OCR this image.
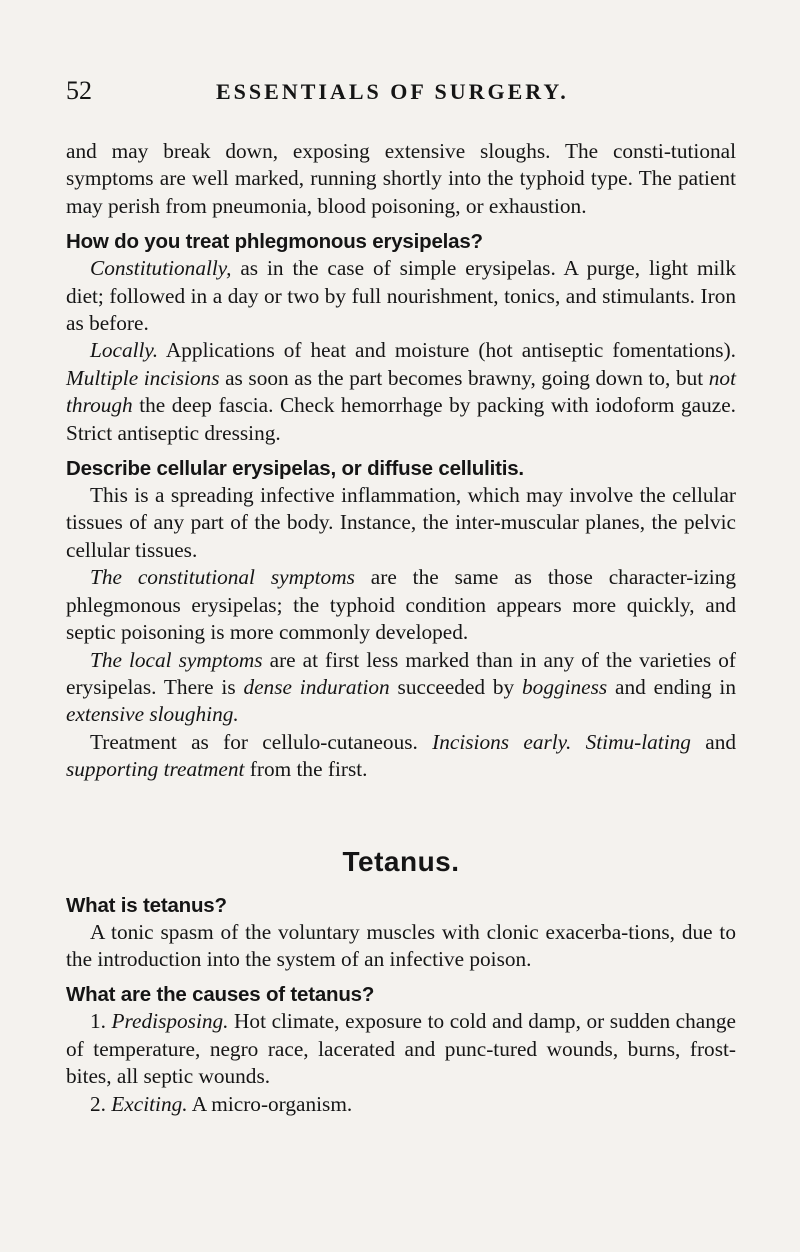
52	ESSENTIALS OF SURGERY.

and may break down, exposing extensive sloughs. The consti-tutional symptoms are well marked, running shortly into the typhoid type. The patient may perish from pneumonia, blood poisoning, or exhaustion.

How do you treat phlegmonous erysipelas?

Constitutionally, as in the case of simple erysipelas. A purge, light milk diet; followed in a day or two by full nourishment, tonics, and stimulants. Iron as before.

Locally. Applications of heat and moisture (hot antiseptic fomentations). Multiple incisions as soon as the part becomes brawny, going down to, but not through the deep fascia. Check hemorrhage by packing with iodoform gauze. Strict antiseptic dressing.

Describe cellular erysipelas, or diffuse cellulitis.

This is a spreading infective inflammation, which may involve the cellular tissues of any part of the body. Instance, the inter-muscular planes, the pelvic cellular tissues.

The constitutional symptoms are the same as those character-izing phlegmonous erysipelas; the typhoid condition appears more quickly, and septic poisoning is more commonly developed.

The local symptoms are at first less marked than in any of the varieties of erysipelas. There is dense induration succeeded by bogginess and ending in extensive sloughing.

Treatment as for cellulo-cutaneous. Incisions early. Stimu-lating and supporting treatment from the first.

Tetanus.
What is tetanus?

A tonic spasm of the voluntary muscles with clonic exacerba-tions, due to the introduction into the system of an infective poison.

What are the causes of tetanus?

1. Predisposing. Hot climate, exposure to cold and damp, or sudden change of temperature, negro race, lacerated and punc-tured wounds, burns, frost-bites, all septic wounds.

2. Exciting. A micro-organism.
